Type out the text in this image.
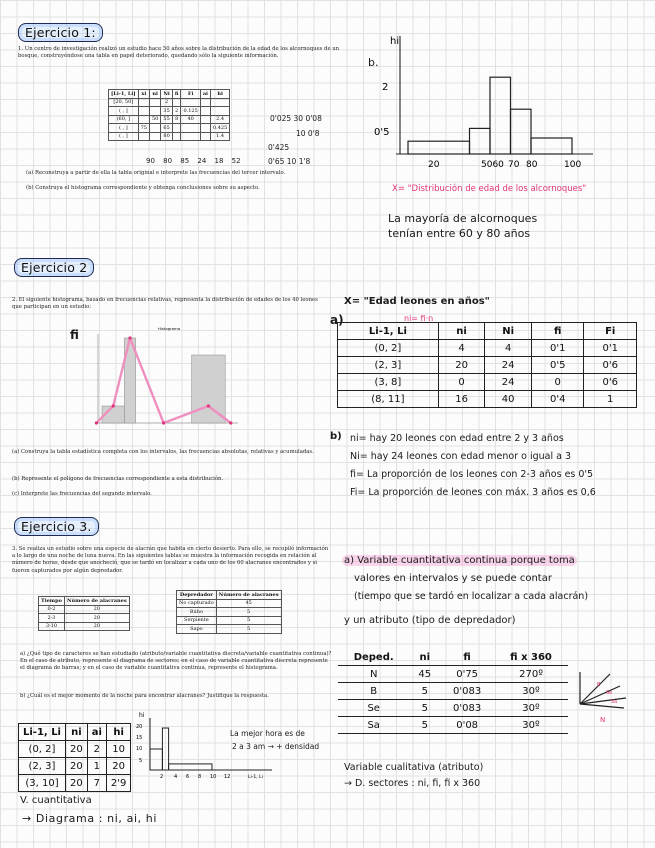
Ejercicio 1:
1. Un centro de investigación realizó un estudio hace 50 años sobre la distribución de la edad de los alcornoques de un bosque, construyéndose una tabla en papel deteriorado, quedando sólo la siguiente información.
[Li-1, Li]	xi	ni	Ni	fi	Fi	ai	hi
[20, 50]			2				
( , ]			35	2	0.125		
(60, ]		50	55	8	40		2.4
( , ]	75		65				0.425
( , ]			80				1.4
0'025 30 0'08
10 0'8
0'425
0'65 10 1'8
90 80 85 24 18 52
(a) Reconstruya a partir de ella la tabla original e interprete las frecuencias del tercer intervalo.
(b) Construya el histograma correspondiente y obtenga conclusiones sobre su aspecto.
b.
hi
2
0'5
20	5060 70 80	100
X= "Distribución de edad de los alcornoques"
La mayoría de alcornoques
tenían entre 60 y 80 años
Ejercicio 2
2. El siguiente histograma, basado en frecuencias relativas, representa la distribución de edades de los 40 leones que participan en un estudio:
fi	Histograma
(a) Construya la tabla estadística completa con los intervalos, las frecuencias absolutas, relativas y acumuladas.
(b) Represente el polígono de frecuencias correspondiente a esta distribución.
(c) Interprete las frecuencias del segundo intervalo.
X= "Edad leones en años"
a)	ni= fi·n
Li-1, Li	ni	Ni	fi	Fi
(0, 2]	4	4	0'1	0'1
(2, 3]	20	24	0'5	0'6
(3, 8]	0	24	0	0'6
(8, 11]	16	40	0'4	1
b) ni= hay 20 leones con edad entre 2 y 3 años
Ni= hay 24 leones con edad menor o igual a 3
fi= La proporción de los leones con 2-3 años es 0'5
Fi= La proporción de leones con máx. 3 años es 0,6
Ejercicio 3.
3. Se realiza un estudio sobre una especie de alacrán que habita en cierto desierto. Para ello, se recopiló información a lo largo de una noche de luna nueva. En las siguientes tablas se muestra la información recogida en relación al número de horas, desde que anocheció, que se tardó en localizar a cada uno de los 60 alacranes encontrados y si fueron capturados por algún depredador.
Tiempo	Número de alacranes
0-2	20
2-3	20
3-10	20
Depredador	Número de alacranes
No capturado	45
Búho	5
Serpiente	5
Sapo	5
a) ¿Qué tipo de caracteres se han estudiado (atributo/variable cuantitativa discreta/variable cuantitativa continua)? En el caso de atributo, represente el diagrama de sectores; en el caso de variable cuantitativa discreta represente el diagrama de barras; y en el caso de variable cuantitativa continua, represente el histograma.
b) ¿Cuál es el mejor momento de la noche para encontrar alacranes? Justifique la respuesta.
a) Variable cuantitativa continua porque toma
valores en intervalos y se puede contar
(tiempo que se tardó en localizar a cada alacrán)
y un atributo (tipo de depredador)
Deped.	ni	fi	fi x 360
N	45	0'75	270º
B	5	0'083	30º
Se	5	0'083	30º
Sa	5	0'08	30º
B
Se
Sa
N
Variable cualitativa (atributo)
→ D. sectores : ni, fi, fi x 360
Li-1, Li	ni	ai	hi
(0, 2]	20	2	10
(2, 3]	20	1	20
(3, 10]	20	7	2'9
V. cuantitativa
→ Diagrama : ni, ai, hi
hi
20
15
10
5
2 4 6 8 10 12	Li-1, Li
La mejor hora es de
2 a 3 am → + densidad
